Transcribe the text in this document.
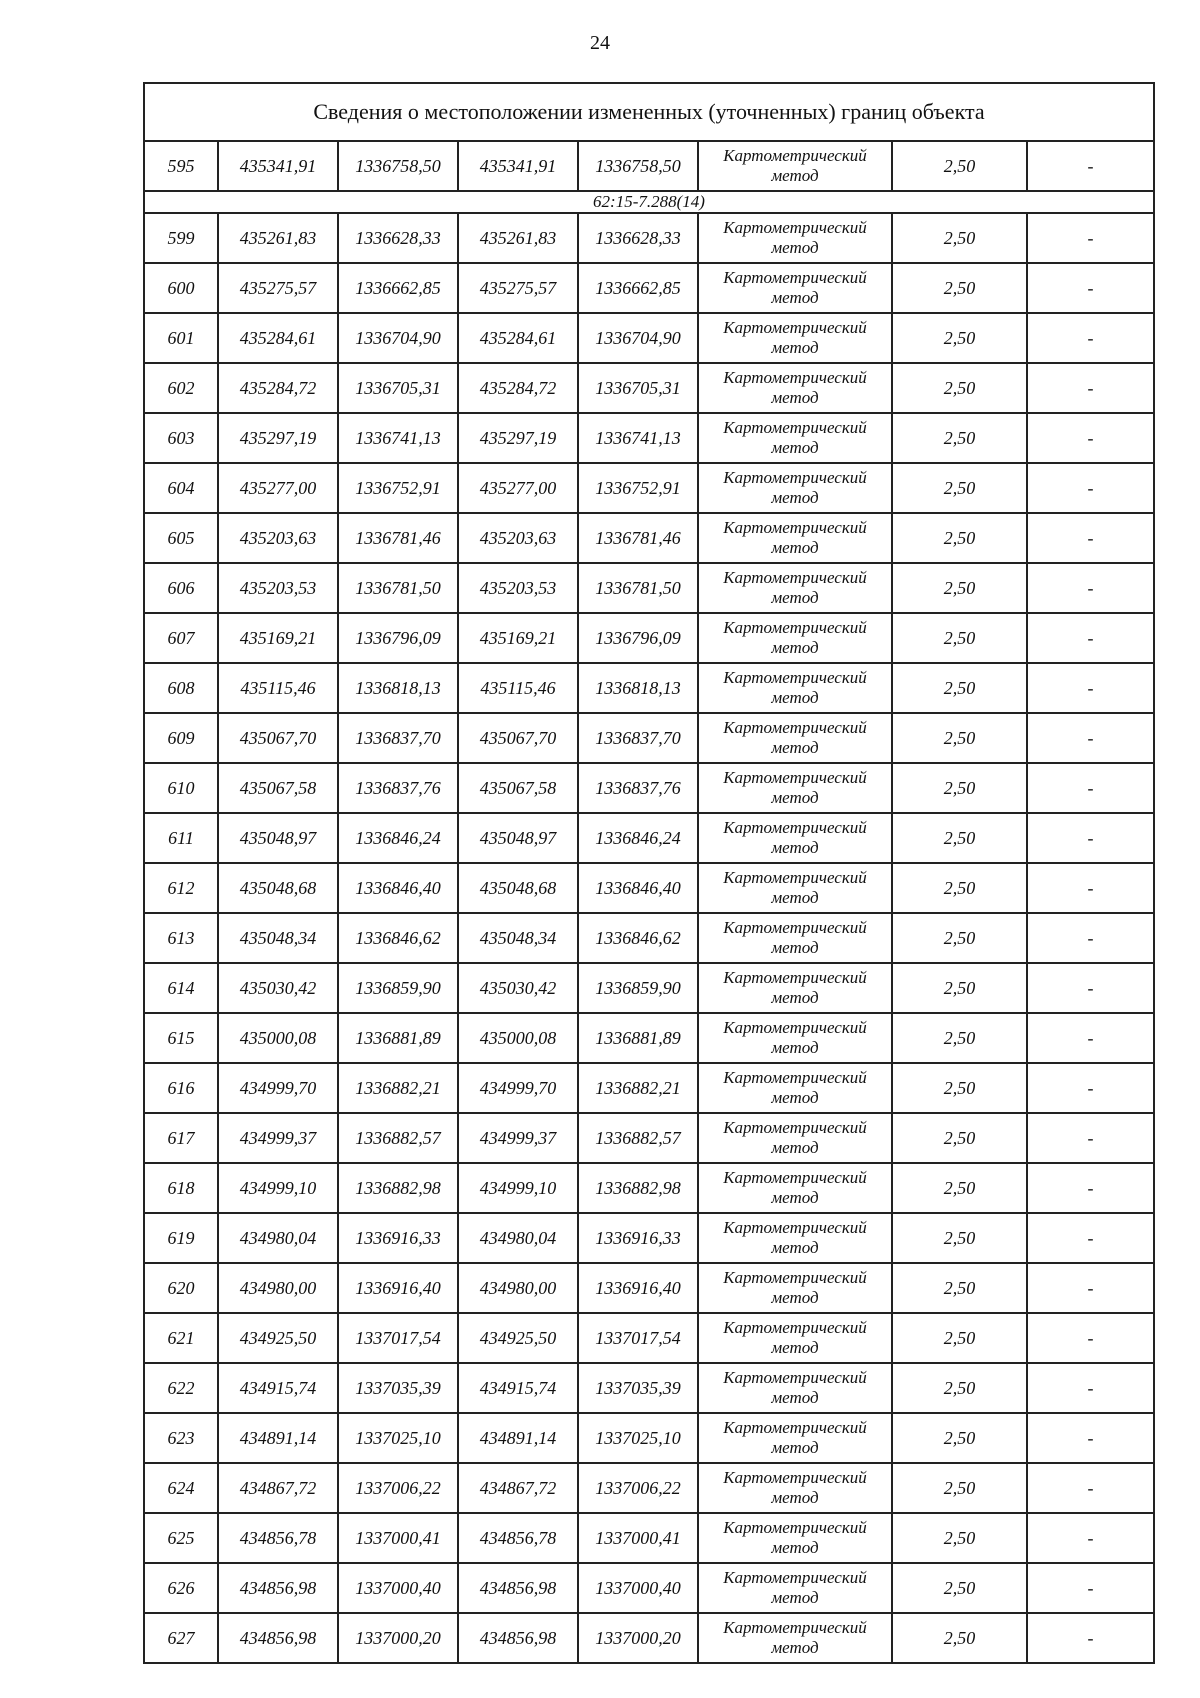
24
Сведения о местоположении измененных (уточненных) границ объекта							
595	435341,91	1336758,50	435341,91	1336758,50	Картометрический метод	2,50	-
62:15-7.288(14)							
599	435261,83	1336628,33	435261,83	1336628,33	Картометрический метод	2,50	-
600	435275,57	1336662,85	435275,57	1336662,85	Картометрический метод	2,50	-
601	435284,61	1336704,90	435284,61	1336704,90	Картометрический метод	2,50	-
602	435284,72	1336705,31	435284,72	1336705,31	Картометрический метод	2,50	-
603	435297,19	1336741,13	435297,19	1336741,13	Картометрический метод	2,50	-
604	435277,00	1336752,91	435277,00	1336752,91	Картометрический метод	2,50	-
605	435203,63	1336781,46	435203,63	1336781,46	Картометрический метод	2,50	-
606	435203,53	1336781,50	435203,53	1336781,50	Картометрический метод	2,50	-
607	435169,21	1336796,09	435169,21	1336796,09	Картометрический метод	2,50	-
608	435115,46	1336818,13	435115,46	1336818,13	Картометрический метод	2,50	-
609	435067,70	1336837,70	435067,70	1336837,70	Картометрический метод	2,50	-
610	435067,58	1336837,76	435067,58	1336837,76	Картометрический метод	2,50	-
611	435048,97	1336846,24	435048,97	1336846,24	Картометрический метод	2,50	-
612	435048,68	1336846,40	435048,68	1336846,40	Картометрический метод	2,50	-
613	435048,34	1336846,62	435048,34	1336846,62	Картометрический метод	2,50	-
614	435030,42	1336859,90	435030,42	1336859,90	Картометрический метод	2,50	-
615	435000,08	1336881,89	435000,08	1336881,89	Картометрический метод	2,50	-
616	434999,70	1336882,21	434999,70	1336882,21	Картометрический метод	2,50	-
617	434999,37	1336882,57	434999,37	1336882,57	Картометрический метод	2,50	-
618	434999,10	1336882,98	434999,10	1336882,98	Картометрический метод	2,50	-
619	434980,04	1336916,33	434980,04	1336916,33	Картометрический метод	2,50	-
620	434980,00	1336916,40	434980,00	1336916,40	Картометрический метод	2,50	-
621	434925,50	1337017,54	434925,50	1337017,54	Картометрический метод	2,50	-
622	434915,74	1337035,39	434915,74	1337035,39	Картометрический метод	2,50	-
623	434891,14	1337025,10	434891,14	1337025,10	Картометрический метод	2,50	-
624	434867,72	1337006,22	434867,72	1337006,22	Картометрический метод	2,50	-
625	434856,78	1337000,41	434856,78	1337000,41	Картометрический метод	2,50	-
626	434856,98	1337000,40	434856,98	1337000,40	Картометрический метод	2,50	-
627	434856,98	1337000,20	434856,98	1337000,20	Картометрический метод	2,50	-
